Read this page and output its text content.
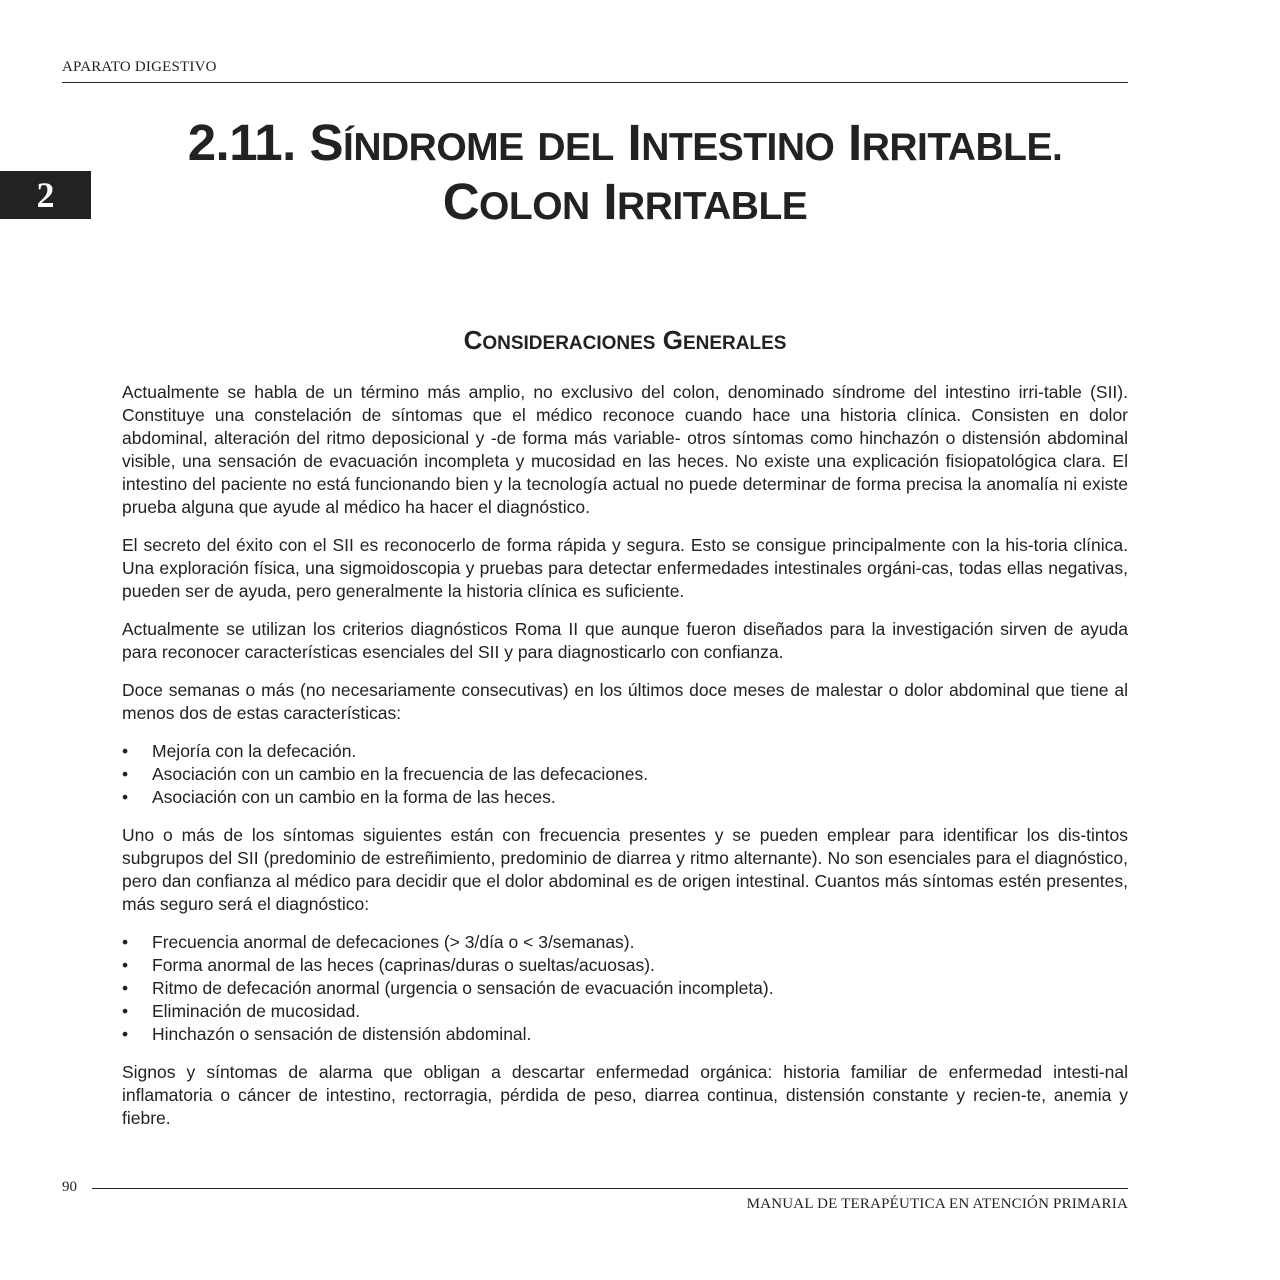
APARATO DIGESTIVO
2
2.11. SÍNDROME DEL INTESTINO IRRITABLE.
COLON IRRITABLE
CONSIDERACIONES GENERALES

Actualmente se habla de un término más amplio, no exclusivo del colon, denominado síndrome del intestino irri-table (SII). Constituye una constelación de síntomas que el médico reconoce cuando hace una historia clínica. Consisten en dolor abdominal, alteración del ritmo deposicional y -de forma más variable- otros síntomas como hinchazón o distensión abdominal visible, una sensación de evacuación incompleta y mucosidad en las heces. No existe una explicación fisiopatológica clara. El intestino del paciente no está funcionando bien y la tecnología actual no puede determinar de forma precisa la anomalía ni existe prueba alguna que ayude al médico ha hacer el diagnóstico.

El secreto del éxito con el SII es reconocerlo de forma rápida y segura. Esto se consigue principalmente con la his-toria clínica. Una exploración física, una sigmoidoscopia y pruebas para detectar enfermedades intestinales orgáni-cas, todas ellas negativas, pueden ser de ayuda, pero generalmente la historia clínica es suficiente.

Actualmente se utilizan los criterios diagnósticos Roma II que aunque fueron diseñados para la investigación sirven de ayuda para reconocer características esenciales del SII y para diagnosticarlo con confianza.

Doce semanas o más (no necesariamente consecutivas) en los últimos doce meses de malestar o dolor abdominal que tiene al menos dos de estas características:

• Mejoría con la defecación.
• Asociación con un cambio en la frecuencia de las defecaciones.
• Asociación con un cambio en la forma de las heces.

Uno o más de los síntomas siguientes están con frecuencia presentes y se pueden emplear para identificar los dis-tintos subgrupos del SII (predominio de estreñimiento, predominio de diarrea y ritmo alternante). No son esenciales para el diagnóstico, pero dan confianza al médico para decidir que el dolor abdominal es de origen intestinal. Cuantos más síntomas estén presentes, más seguro será el diagnóstico:

• Frecuencia anormal de defecaciones (> 3/día o < 3/semanas).
• Forma anormal de las heces (caprinas/duras o sueltas/acuosas).
• Ritmo de defecación anormal (urgencia o sensación de evacuación incompleta).
• Eliminación de mucosidad.
• Hinchazón o sensación de distensión abdominal.

Signos y síntomas de alarma que obligan a descartar enfermedad orgánica: historia familiar de enfermedad intesti-nal inflamatoria o cáncer de intestino, rectorragia, pérdida de peso, diarrea continua, distensión constante y recien-te, anemia y fiebre.

90
MANUAL DE TERAPÉUTICA EN ATENCIÓN PRIMARIA
